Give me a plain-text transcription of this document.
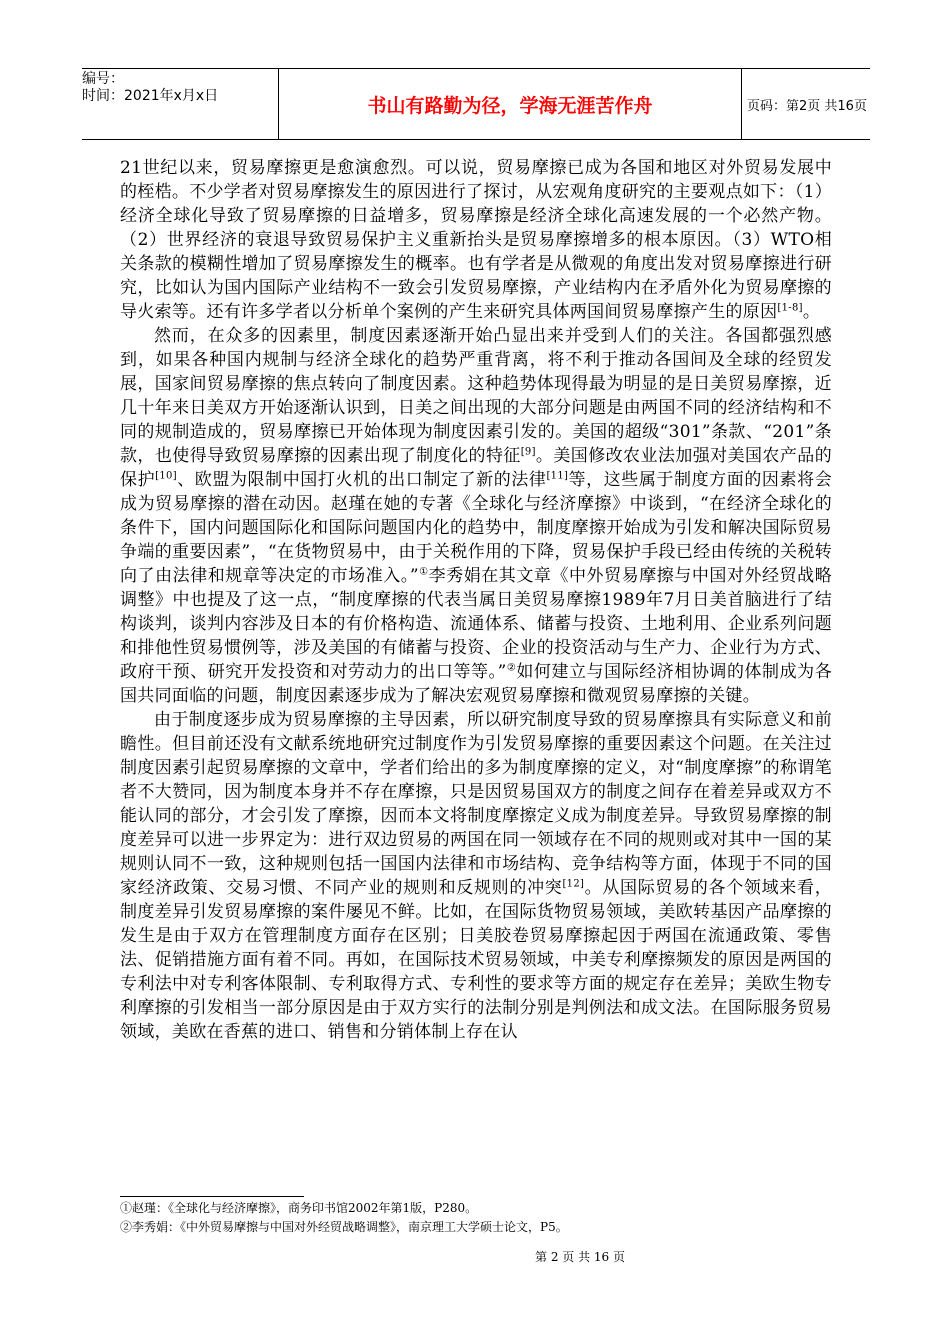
编号：
时间：2021年x月x日	书山有路勤为径，学海无涯苦作舟	页码：第2页 共16页

21世纪以来，贸易摩擦更是愈演愈烈。可以说，贸易摩擦已成为各国和地区对外贸易发展中的桎梏。不少学者对贸易摩擦发生的原因进行了探讨，从宏观角度研究的主要观点如下：（1）经济全球化导致了贸易摩擦的日益增多，贸易摩擦是经济全球化高速发展的一个必然产物。（2）世界经济的衰退导致贸易保护主义重新抬头是贸易摩擦增多的根本原因。（3）WTO相关条款的模糊性增加了贸易摩擦发生的概率。也有学者是从微观的角度出发对贸易摩擦进行研究，比如认为国内国际产业结构不一致会引发贸易摩擦，产业结构内在矛盾外化为贸易摩擦的导火索等。还有许多学者以分析单个案例的产生来研究具体两国间贸易摩擦产生的原因[1-8]。

然而，在众多的因素里，制度因素逐渐开始凸显出来并受到人们的关注。各国都强烈感到，如果各种国内规制与经济全球化的趋势严重背离，将不利于推动各国间及全球的经贸发展，国家间贸易摩擦的焦点转向了制度因素。这种趋势体现得最为明显的是日美贸易摩擦，近几十年来日美双方开始逐渐认识到，日美之间出现的大部分问题是由两国不同的经济结构和不同的规制造成的，贸易摩擦已开始体现为制度因素引发的。美国的超级“301”条款、“201”条款，也使得导致贸易摩擦的因素出现了制度化的特征[9]。美国修改农业法加强对美国农产品的保护[10]、欧盟为限制中国打火机的出口制定了新的法律[11]等，这些属于制度方面的因素将会成为贸易摩擦的潜在动因。赵瑾在她的专著《全球化与经济摩擦》中谈到，“在经济全球化的条件下，国内问题国际化和国际问题国内化的趋势中，制度摩擦开始成为引发和解决国际贸易争端的重要因素”，“在货物贸易中，由于关税作用的下降，贸易保护手段已经由传统的关税转向了由法律和规章等决定的市场准入。”①李秀娟在其文章《中外贸易摩擦与中国对外经贸战略调整》中也提及了这一点，“制度摩擦的代表当属日美贸易摩擦1989年7月日美首脑进行了结构谈判，谈判内容涉及日本的有价格构造、流通体系、储蓄与投资、土地利用、企业系列问题和排他性贸易惯例等，涉及美国的有储蓄与投资、企业的投资活动与生产力、企业行为方式、政府干预、研究开发投资和对劳动力的出口等等。”②如何建立与国际经济相协调的体制成为各国共同面临的问题，制度因素逐步成为了解决宏观贸易摩擦和微观贸易摩擦的关键。

由于制度逐步成为贸易摩擦的主导因素，所以研究制度导致的贸易摩擦具有实际意义和前瞻性。但目前还没有文献系统地研究过制度作为引发贸易摩擦的重要因素这个问题。在关注过制度因素引起贸易摩擦的文章中，学者们给出的多为制度摩擦的定义，对“制度摩擦”的称谓笔者不大赞同，因为制度本身并不存在摩擦，只是因贸易国双方的制度之间存在着差异或双方不能认同的部分，才会引发了摩擦，因而本文将制度摩擦定义成为制度差异。导致贸易摩擦的制度差异可以进一步界定为：进行双边贸易的两国在同一领域存在不同的规则或对其中一国的某规则认同不一致，这种规则包括一国国内法律和市场结构、竞争结构等方面，体现于不同的国家经济政策、交易习惯、不同产业的规则和反规则的冲突[12]。从国际贸易的各个领域来看，制度差异引发贸易摩擦的案件屡见不鲜。比如，在国际货物贸易领域，美欧转基因产品摩擦的发生是由于双方在管理制度方面存在区别；日美胶卷贸易摩擦起因于两国在流通政策、零售法、促销措施方面有着不同。再如，在国际技术贸易领域，中美专利摩擦频发的原因是两国的专利法中对专利客体限制、专利取得方式、专利性的要求等方面的规定存在差异；美欧生物专利摩擦的引发相当一部分原因是由于双方实行的法制分别是判例法和成文法。在国际服务贸易领域，美欧在香蕉的进口、销售和分销体制上存在认

①赵瑾：《全球化与经济摩擦》，商务印书馆2002年第1版，P280。
②李秀娟：《中外贸易摩擦与中国对外经贸战略调整》，南京理工大学硕士论文，P5。
第 2 页 共 16 页
